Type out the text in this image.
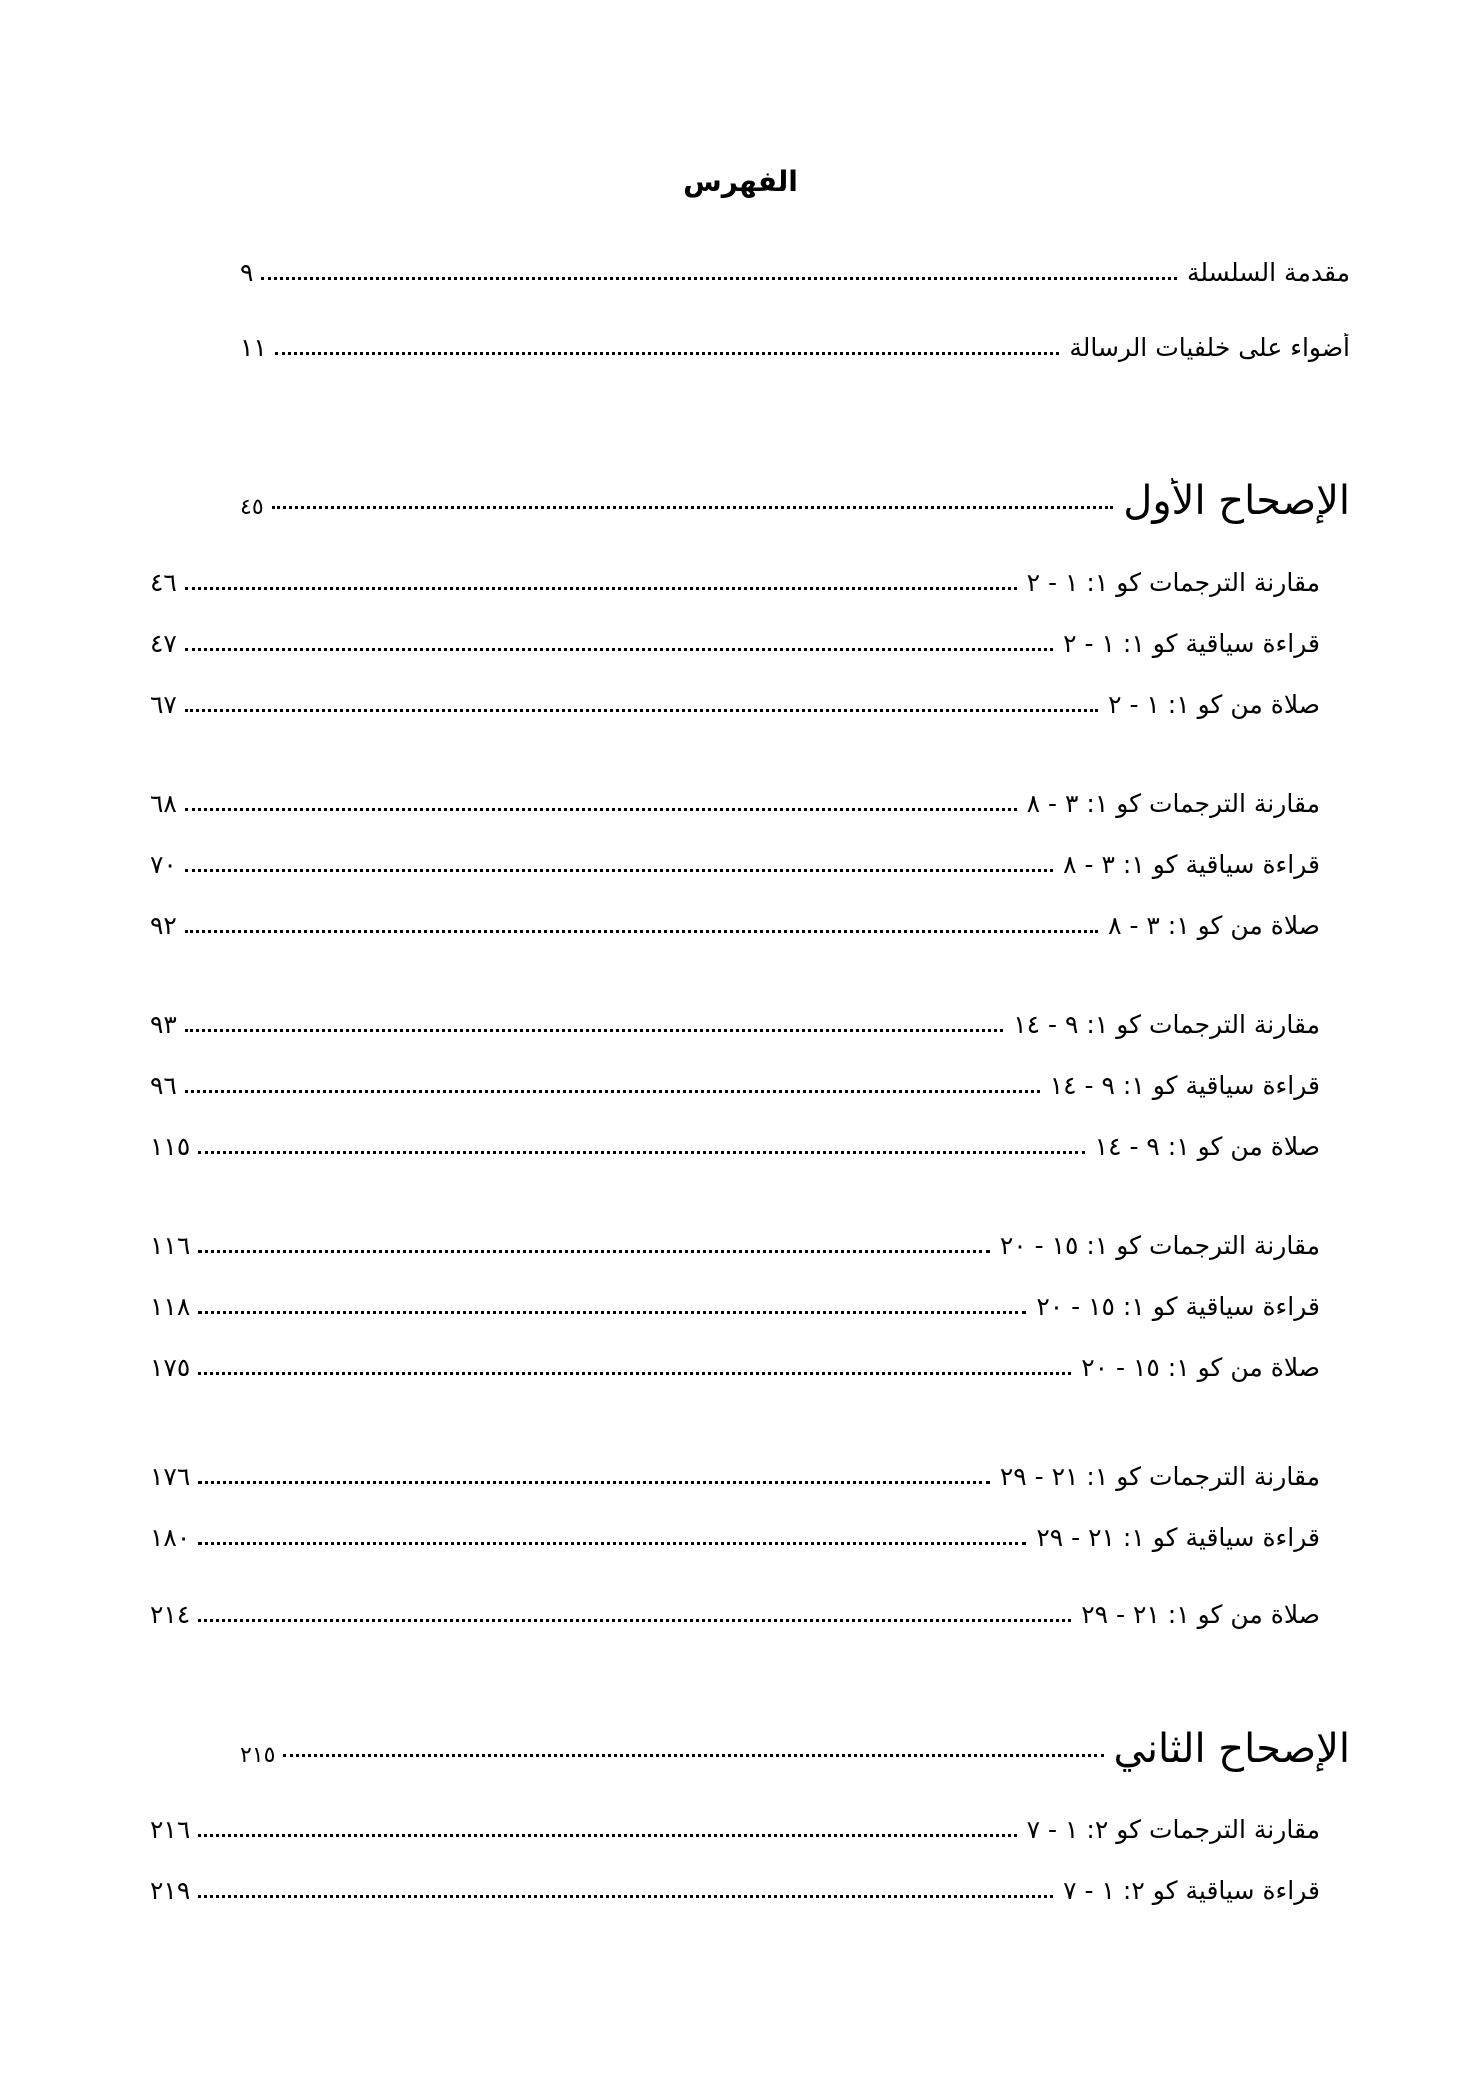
الفهرس
مقدمة السلسلة
٩
أضواء على خلفيات الرسالة
١١
الإصحاح الأول
٤٥
مقارنة الترجمات كو ١: ١ - ٢
٤٦
قراءة سياقية كو ١: ١ - ٢
٤٧
صلاة من كو ١: ١ - ٢
٦٧
مقارنة الترجمات كو ١: ٣ - ٨
٦٨
قراءة سياقية كو ١: ٣ - ٨
٧٠
صلاة من كو ١: ٣ - ٨
٩٢
مقارنة الترجمات كو ١: ٩ - ١٤
٩٣
قراءة سياقية كو ١: ٩ - ١٤
٩٦
صلاة من كو ١: ٩ - ١٤
١١٥
مقارنة الترجمات كو ١: ١٥ - ٢٠
١١٦
قراءة سياقية كو ١: ١٥ - ٢٠
١١٨
صلاة من كو ١: ١٥ - ٢٠
١٧٥
مقارنة الترجمات كو ١: ٢١ - ٢٩
١٧٦
قراءة سياقية كو ١: ٢١ - ٢٩
١٨٠
صلاة من كو ١: ٢١ - ٢٩
٢١٤
الإصحاح الثاني
٢١٥
مقارنة الترجمات كو ٢: ١ - ٧
٢١٦
قراءة سياقية كو ٢: ١ - ٧
٢١٩
